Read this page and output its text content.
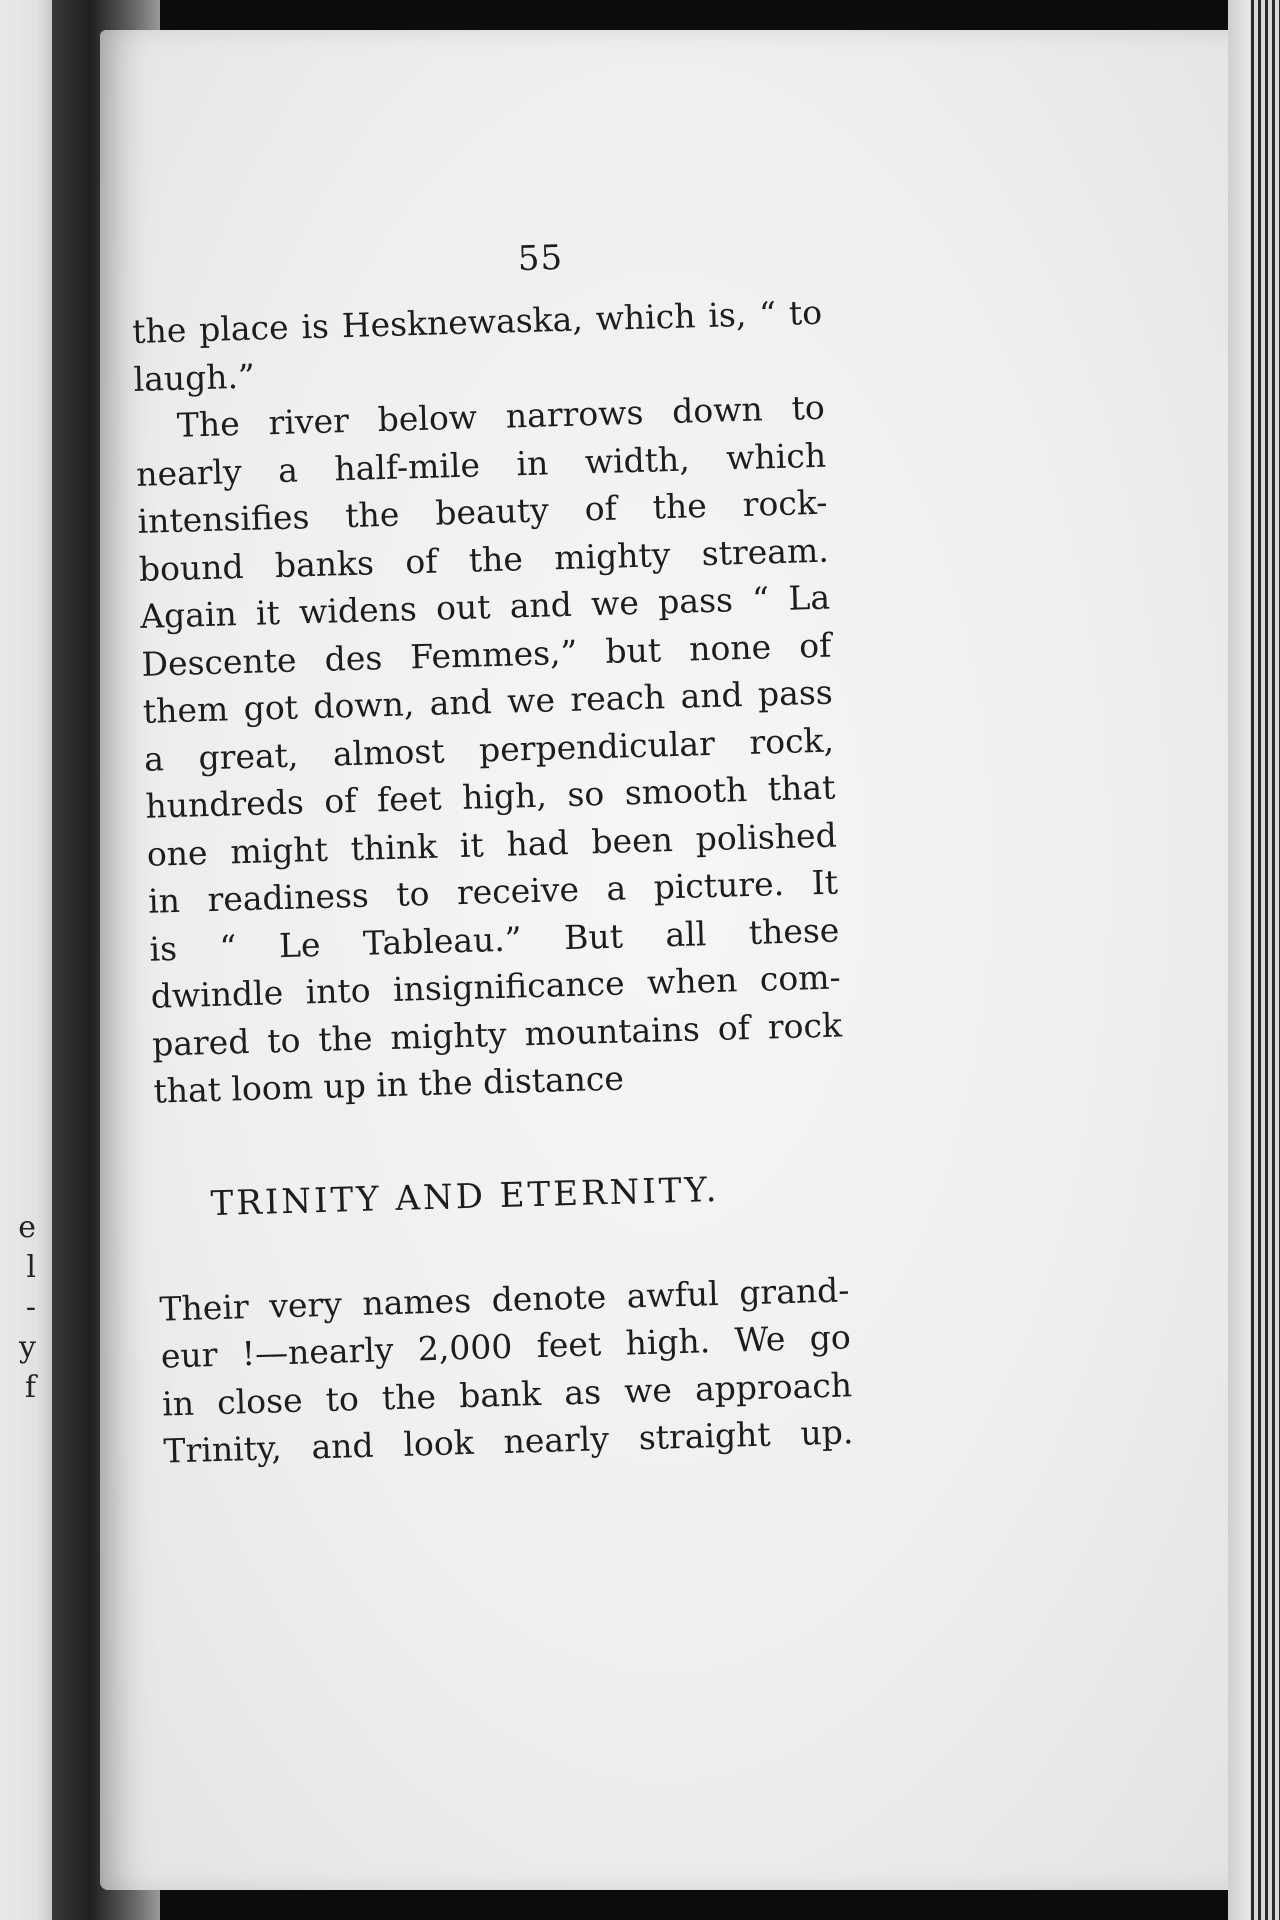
e
l
-
y
f
55
the place is Hesknewaska, which is, “ to
laugh.”
The river below narrows down to
nearly a half-mile in width, which
intensifies the beauty of the rock-
bound banks of the mighty stream.
Again it widens out and we pass “ La
Descente des Femmes,” but none of
them got down, and we reach and pass
a great, almost perpendicular rock,
hundreds of feet high, so smooth that
one might think it had been polished
in readiness to receive a picture. It
is “ Le Tableau.” But all these
dwindle into insignificance when com-
pared to the mighty mountains of rock
that loom up in the distance
TRINITY AND ETERNITY.
Their very names denote awful grand-
eur !—nearly 2,000 feet high. We go
in close to the bank as we approach
Trinity, and look nearly straight up.
